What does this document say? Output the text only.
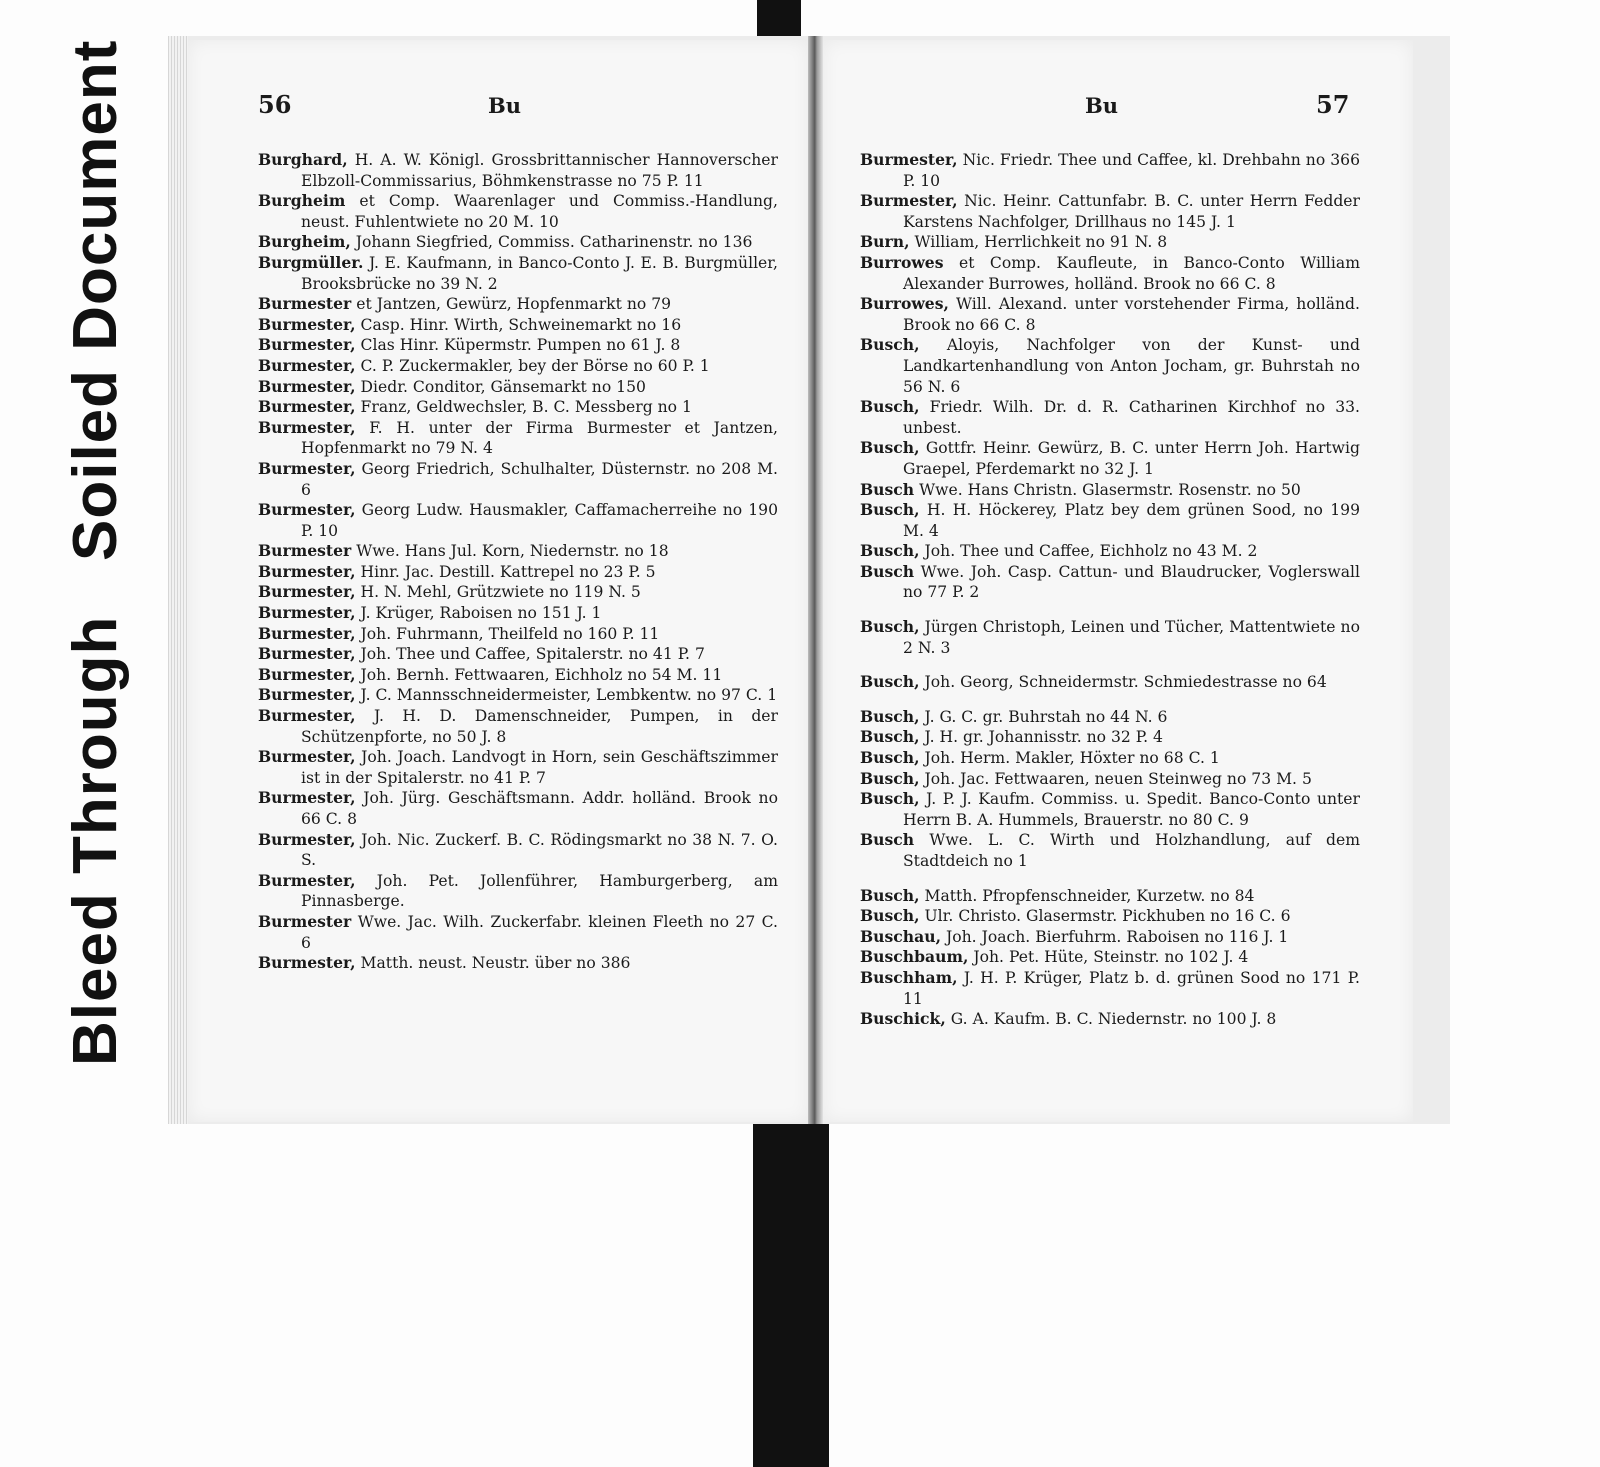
Soiled Document
Bleed Through
56	Bu

Burghard, H. A. W. Königl. Grossbrittannischer Hannoverscher Elbzoll-Commissarius, Böhmkenstrasse no 75 P. 11

Burgheim et Comp. Waarenlager und Commiss.-Handlung, neust. Fuhlentwiete no 20 M. 10

Burgheim, Johann Siegfried, Commiss. Catharinenstr. no 136

Burgmüller. J. E. Kaufmann, in Banco-Conto J. E. B. Burgmüller, Brooksbrücke no 39 N. 2

Burmester et Jantzen, Gewürz, Hopfenmarkt no 79

Burmester, Casp. Hinr. Wirth, Schweinemarkt no 16

Burmester, Clas Hinr. Küpermstr. Pumpen no 61 J. 8

Burmester, C. P. Zuckermakler, bey der Börse no 60 P. 1

Burmester, Diedr. Conditor, Gänsemarkt no 150

Burmester, Franz, Geldwechsler, B. C. Messberg no 1

Burmester, F. H. unter der Firma Burmester et Jantzen, Hopfenmarkt no 79 N. 4

Burmester, Georg Friedrich, Schulhalter, Düsternstr. no 208 M. 6

Burmester, Georg Ludw. Hausmakler, Caffamacherreihe no 190 P. 10

Burmester Wwe. Hans Jul. Korn, Niedernstr. no 18

Burmester, Hinr. Jac. Destill. Kattrepel no 23 P. 5

Burmester, H. N. Mehl, Grützwiete no 119 N. 5

Burmester, J. Krüger, Raboisen no 151 J. 1

Burmester, Joh. Fuhrmann, Theilfeld no 160 P. 11

Burmester, Joh. Thee und Caffee, Spitalerstr. no 41 P. 7

Burmester, Joh. Bernh. Fettwaaren, Eichholz no 54 M. 11

Burmester, J. C. Mannsschneidermeister, Lembkentw. no 97 C. 1

Burmester, J. H. D. Damenschneider, Pumpen, in der Schützenpforte, no 50 J. 8

Burmester, Joh. Joach. Landvogt in Horn, sein Geschäftszimmer ist in der Spitalerstr. no 41 P. 7

Burmester, Joh. Jürg. Geschäftsmann. Addr. holländ. Brook no 66 C. 8

Burmester, Joh. Nic. Zuckerf. B. C. Rödingsmarkt no 38 N. 7. O. S.

Burmester, Joh. Pet. Jollenführer, Hamburgerberg, am Pinnasberge.

Burmester Wwe. Jac. Wilh. Zuckerfabr. kleinen Fleeth no 27 C. 6

Burmester, Matth. neust. Neustr. über no 386

Bu	57

Burmester, Nic. Friedr. Thee und Caffee, kl. Drehbahn no 366 P. 10

Burmester, Nic. Heinr. Cattunfabr. B. C. unter Herrn Fedder Karstens Nachfolger, Drillhaus no 145 J. 1

Burn, William, Herrlichkeit no 91 N. 8

Burrowes et Comp. Kaufleute, in Banco-Conto William Alexander Burrowes, holländ. Brook no 66 C. 8

Burrowes, Will. Alexand. unter vorstehender Firma, holländ. Brook no 66 C. 8

Busch, Aloyis, Nachfolger von der Kunst- und Landkartenhandlung von Anton Jocham, gr. Buhrstah no 56 N. 6

Busch, Friedr. Wilh. Dr. d. R. Catharinen Kirchhof no 33. unbest.

Busch, Gottfr. Heinr. Gewürz, B. C. unter Herrn Joh. Hartwig Graepel, Pferdemarkt no 32 J. 1

Busch Wwe. Hans Christn. Glasermstr. Rosenstr. no 50

Busch, H. H. Höckerey, Platz bey dem grünen Sood, no 199 M. 4

Busch, Joh. Thee und Caffee, Eichholz no 43 M. 2

Busch Wwe. Joh. Casp. Cattun- und Blaudrucker, Voglerswall no 77 P. 2

Busch, Jürgen Christoph, Leinen und Tücher, Mattentwiete no 2 N. 3

Busch, Joh. Georg, Schneidermstr. Schmiedestrasse no 64

Busch, J. G. C. gr. Buhrstah no 44 N. 6

Busch, J. H. gr. Johannisstr. no 32 P. 4

Busch, Joh. Herm. Makler, Höxter no 68 C. 1

Busch, Joh. Jac. Fettwaaren, neuen Steinweg no 73 M. 5

Busch, J. P. J. Kaufm. Commiss. u. Spedit. Banco-Conto unter Herrn B. A. Hummels, Brauerstr. no 80 C. 9

Busch Wwe. L. C. Wirth und Holzhandlung, auf dem Stadtdeich no 1

Busch, Matth. Pfropfenschneider, Kurzetw. no 84

Busch, Ulr. Christo. Glasermstr. Pickhuben no 16 C. 6

Buschau, Joh. Joach. Bierfuhrm. Raboisen no 116 J. 1

Buschbaum, Joh. Pet. Hüte, Steinstr. no 102 J. 4

Buschham, J. H. P. Krüger, Platz b. d. grünen Sood no 171 P. 11

Buschick, G. A. Kaufm. B. C. Niedernstr. no 100 J. 8
